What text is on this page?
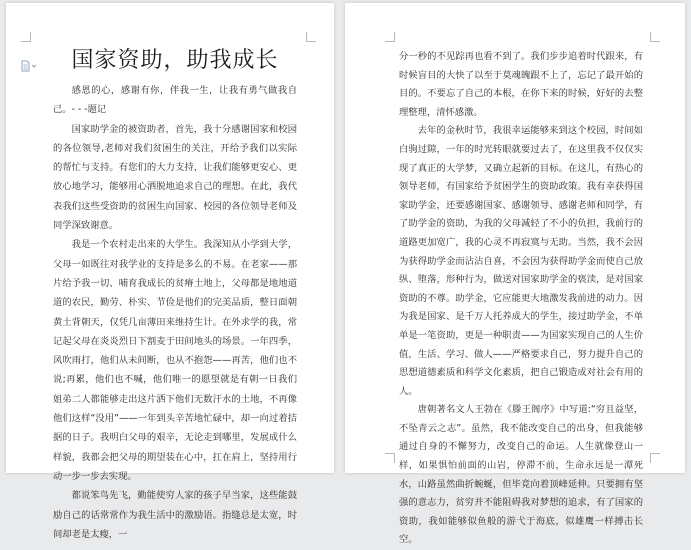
国家资助，助我成长

感恩的心，感谢有你，伴我一生，让我有勇气做我自己。- - -题记

国家助学金的被资助者，首先，我十分感谢国家和校园的各位领导,老师对我们贫困生的关注，开给予我们以实际的帮忙与支持。有您们的大力支持，让我们能够更安心、更放心地学习，能够用心洒脱地追求自己的理想。在此，我代表我们这些受资助的贫困生向国家、校园的各位领导老师及同学深致谢意。

我是一个农村走出来的大学生。我深知从小学到大学，父母一如既往对我学业的支持是多么的不易。在老家——那片给予我一切、哺育我成长的贫瘠土地上，父母都是地地道道的农民，勤劳、朴实、节俭是他们的完美品质，整日面朝黄土背朝天，仅凭几亩薄田来维持生计。在外求学的我，常记起父母在炎炎烈日下割麦于田间地头的场景。一年四季，风吹雨打，他们从未间断，也从不抱怨——再苦，他们也不说;再累，他们也不喊，他们唯一的愿望就是有朝一日我们姐弟二人都能够走出这片洒下他们无数汗水的土地，不再像他们这样“没用”——一年到头辛苦地忙碌中，却一向过着拮据的日子。我明白父母的艰辛，无论走到哪里，发展成什么样貌，我都会把父母的期望装在心中，扛在肩上，坚持用行动一步一步去实现。

都说笨鸟先飞，勤能使穷人家的孩子早当家，这些能鼓励自己的话常常作为我生活中的激励语。指缝总是太宽，时间却老是太瘦，一

分一秒的不见踪再也看不到了。我们步步追着时代跟来，有时候盲目的大快了以至于莫魂魄跟不上了，忘记了最开始的目的。不要忘了自己的本根，在你下来的时候，好好的去整理整理，清怀感激。

去年的金秋时节，我很幸运能够来到这个校园，时间如白驹过隙，一年的时光转眼就要过去了，在这里我不仅仅实现了真正的大学梦，又确立起新的目标。在这儿，有热心的领导老师，有国家给予贫困学生的资助政策。我有幸获得国家助学金，还要感谢国家、感谢领导、感谢老师和同学，有了助学金的资助，为我的父母减轻了不小的负担，我前行的道路更加宽广，我的心灵不再寂寞与无助。当然，我不会因为获得助学金而沾沾自喜，不会因为获得助学金而使自己放纵、堕落，形种行为，做送对国家助学金的亵渎，是对国家资助的不尊。助学金，它应能更大地激发我前进的动力。因为我是国家、是千万人托养成大的学生，接过助学金，不单单是一笔资助，更是一种职责——为国家实现自己的人生价值，生活、学习、做人——严格要求自己，努力提升自己的思想道德素质和科学文化素质，把自己锻造成对社会有用的人。

唐朝著名文人王勃在《滕王阁序》中写道:“穷且益坚，不坠青云之志”。虽然，我不能改变自己的出身，但我能够通过自身的不懈努力，改变自己的命运。人生就像登山一样，如果惧怕前面的山岩，停滞不前，生命永远是一潭死水，山路虽然曲折蜿蜒，但毕竟向着顶峰延伸。只要拥有坚强的意志力，贫穷并不能阻碍我对梦想的追求，有了国家的资助，我如能够似鱼般的游弋于海底，似雄鹰一样搏击长空。
